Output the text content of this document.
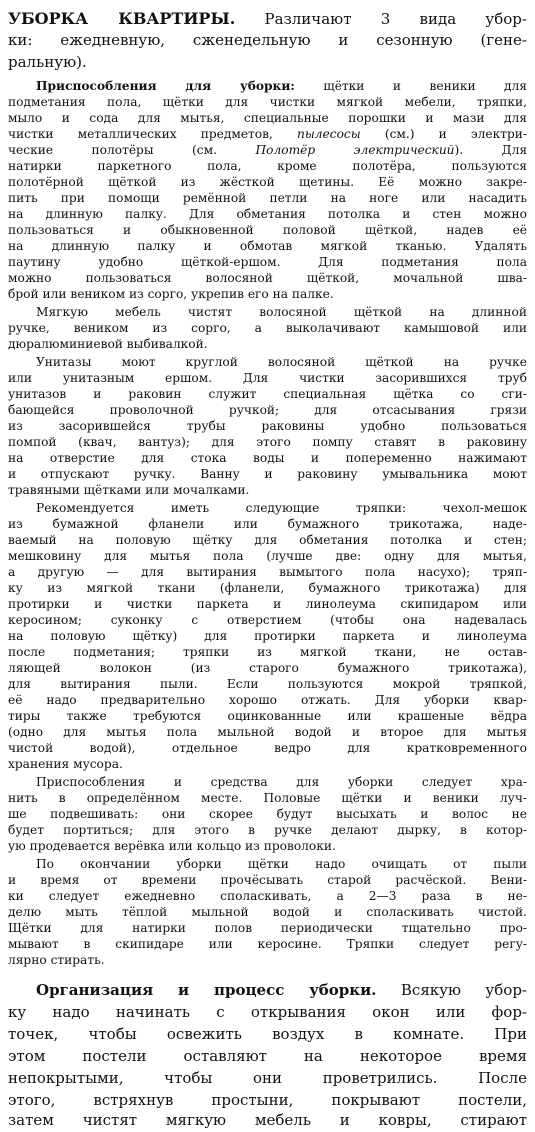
УБОРКА КВАРТИРЫ. Различают 3 вида убор-
ки: ежедневную, сженедельную и сезонную (гене-
ральную).
Приспособления для уборки: щётки и веники для
подметания пола, щётки для чистки мягкой мебели, тряпки,
мыло и сода для мытья, специальные порошки и мази для
чистки металлических предметов, пылесосы (см.) и электри-
ческие полотёры (см.	Полотёр электрический). Для
натирки паркетного пола, кроме полотёра, пользуются
полотёрной щёткой из жёсткой щетины. Её можно закре-
пить при помощи ремённой петли на ноге или насадить
на длинную палку. Для обметания потолка и стен можно
пользоваться и обыкновенной половой щёткой, надев её
на длинную палку и обмотав мягкой тканью. Удалять
паутину удобно щёткой-ершом. Для подметания пола
можно пользоваться волосяной щёткой, мочальной шва-
брой или веником из сорго, укрепив его на палке.
Мягкую мебель чистят волосяной щёткой на длинной
ручке, веником из сорго, а выколачивают камышовой или
дюралюминиевой выбивалкой.
Унитазы моют круглой волосяной щёткой на ручке
или унитазным ершом. Для чистки засорившихся труб
унитазов и раковин служит специальная щётка со сги-
бающейся проволочной ручкой; для отсасывания грязи
из засорившейся трубы раковины удобно пользоваться
помпой (квач, вантуз); для этого помпу ставят в раковину
на отверстие для стока воды и попеременно нажимают
и отпускают ручку. Ванну и раковину умывальника моют
травяными щётками или мочалками.
Рекомендуется иметь следующие тряпки: чехол-мешок
из бумажной фланели или бумажного трикотажа, наде-
ваемый на половую щётку для обметания потолка и стен;
мешковину для мытья пола (лучше две: одну для мытья,
а другую — для вытирания вымытого пола насухо); тряп-
ку из мягкой ткани (фланели, бумажного трикотажа) для
протирки и чистки паркета и линолеума скипидаром или
керосином; суконку с отверстием (чтобы она надевалась
на половую щётку) для протирки паркета и линолеума
после подметания; тряпки из мягкой ткани, не остав-
ляющей волокон (из старого бумажного трикотажа),
для вытирания пыли. Если пользуются мокрой тряпкой,
её надо предварительно хорошо отжать. Для уборки квар-
тиры также требуются оцинкованные или крашеные вёдра
(одно для мытья пола мыльной водой и второе для мытья
чистой водой), отдельное ведро для кратковременного
хранения мусора.
Приспособления и средства для уборки следует хра-
нить в определённом месте. Половые щётки и веники луч-
ше подвешивать: они скорее будут высыхать и волос не
будет портиться; для этого в ручке делают дырку, в котор-
ую продевается верёвка или кольцо из проволоки.
По окончании уборки щётки надо очищать от пыли
и время от времени прочёсывать старой расчёской. Вени-
ки следует ежедневно споласкивать, а 2—3 раза в не-
делю мыть тёплой мыльной водой и споласкивать чистой.
Щётки для натирки полов периодически тщательно про-
мывают в скипидаре или керосине. Тряпки следует регу-
лярно стирать.
Организация и процесс уборки. Всякую убор-
ку надо начинать с открывания окон или фор-
точек, чтобы освежить воздух в комнате. При
этом постели оставляют на некоторое время
непокрытыми, чтобы они проветрились. После
этого, встряхнув простыни, покрывают постели,
затем чистят мягкую мебель и ковры, стирают
